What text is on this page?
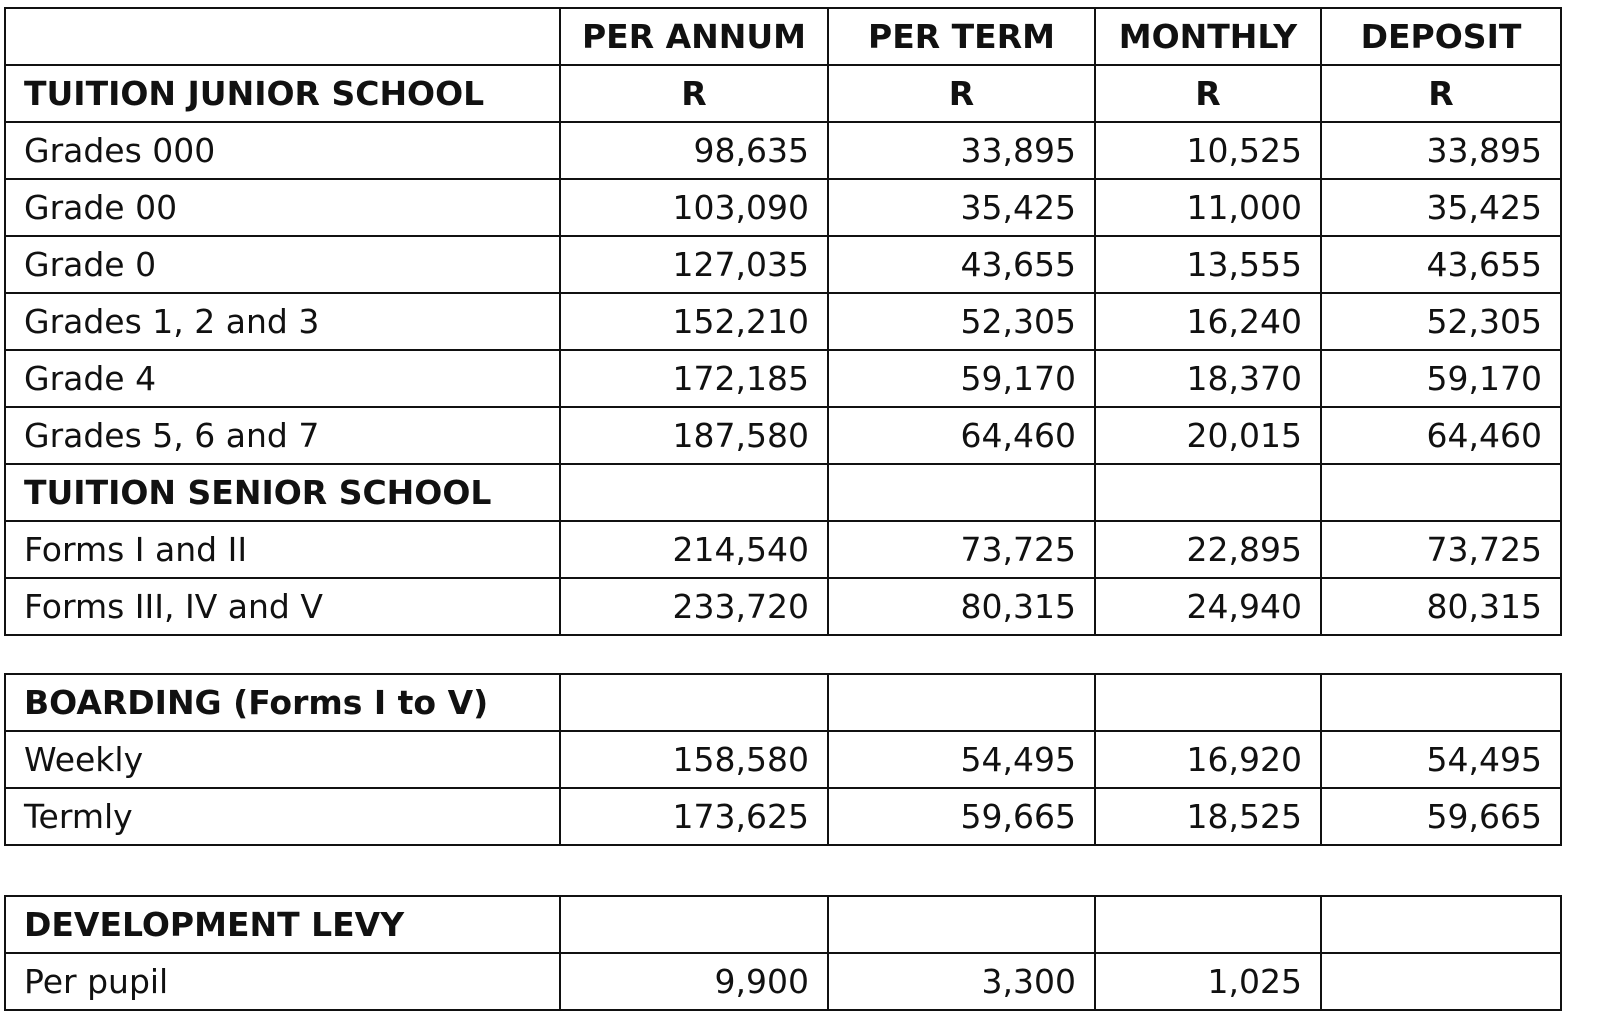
	PER ANNUM	PER TERM	MONTHLY	DEPOSIT
TUITION JUNIOR SCHOOL	R	R	R	R
Grades 000	98,635	33,895	10,525	33,895
Grade 00	103,090	35,425	11,000	35,425
Grade 0	127,035	43,655	13,555	43,655
Grades 1, 2 and 3	152,210	52,305	16,240	52,305
Grade 4	172,185	59,170	18,370	59,170
Grades 5, 6 and 7	187,580	64,460	20,015	64,460
TUITION SENIOR SCHOOL				
Forms I and II	214,540	73,725	22,895	73,725
Forms III, IV and V	233,720	80,315	24,940	80,315
BOARDING (Forms I to V)				
Weekly	158,580	54,495	16,920	54,495
Termly	173,625	59,665	18,525	59,665
DEVELOPMENT LEVY				
Per pupil	9,900	3,300	1,025	
